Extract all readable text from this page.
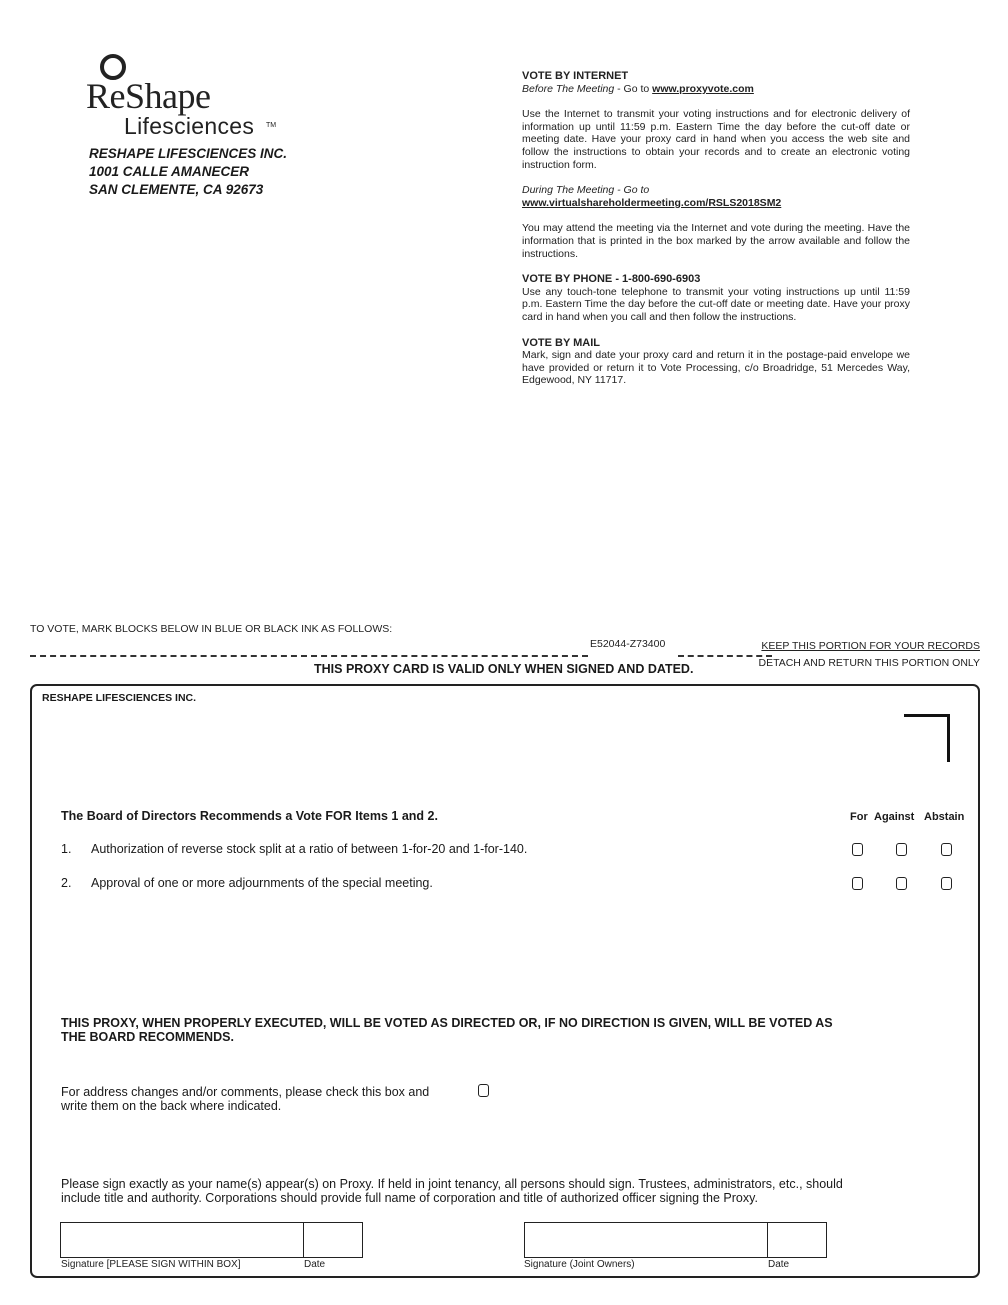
ReShape
Lifesciences TM
RESHAPE LIFESCIENCES INC.
1001 CALLE AMANECER
SAN CLEMENTE, CA 92673
VOTE BY INTERNET
Before The Meeting - Go to www.proxyvote.com

Use the Internet to transmit your voting instructions and for electronic delivery of information up until 11:59 p.m. Eastern Time the day before the cut-off date or meeting date. Have your proxy card in hand when you access the web site and follow the instructions to obtain your records and to create an electronic voting instruction form.

During The Meeting - Go to www.virtualshareholdermeeting.com/RSLS2018SM2

You may attend the meeting via the Internet and vote during the meeting. Have the information that is printed in the box marked by the arrow available and follow the instructions.

VOTE BY PHONE - 1-800-690-6903

Use any touch-tone telephone to transmit your voting instructions up until 11:59 p.m. Eastern Time the day before the cut-off date or meeting date. Have your proxy card in hand when you call and then follow the instructions.

VOTE BY MAIL

Mark, sign and date your proxy card and return it in the postage-paid envelope we have provided or return it to Vote Processing, c/o Broadridge, 51 Mercedes Way, Edgewood, NY 11717.

TO VOTE, MARK BLOCKS BELOW IN BLUE OR BLACK INK AS FOLLOWS:
E52044-Z73400	KEEP THIS PORTION FOR YOUR RECORDS
THIS PROXY CARD IS VALID ONLY WHEN SIGNED AND DATED.	DETACH AND RETURN THIS PORTION ONLY
RESHAPE LIFESCIENCES INC.
The Board of Directors Recommends a Vote FOR Items 1 and 2.	For Against Abstain
1. Authorization of reverse stock split at a ratio of between 1-for-20 and 1-for-140.
2. Approval of one or more adjournments of the special meeting.
THIS PROXY, WHEN PROPERLY EXECUTED, WILL BE VOTED AS DIRECTED OR, IF NO DIRECTION IS GIVEN, WILL BE VOTED AS THE BOARD RECOMMENDS.
For address changes and/or comments, please check this box and write them on the back where indicated.
Please sign exactly as your name(s) appear(s) on Proxy. If held in joint tenancy, all persons should sign. Trustees, administrators, etc., should include title and authority. Corporations should provide full name of corporation and title of authorized officer signing the Proxy.
Signature [PLEASE SIGN WITHIN BOX]	Date	Signature (Joint Owners)	Date
